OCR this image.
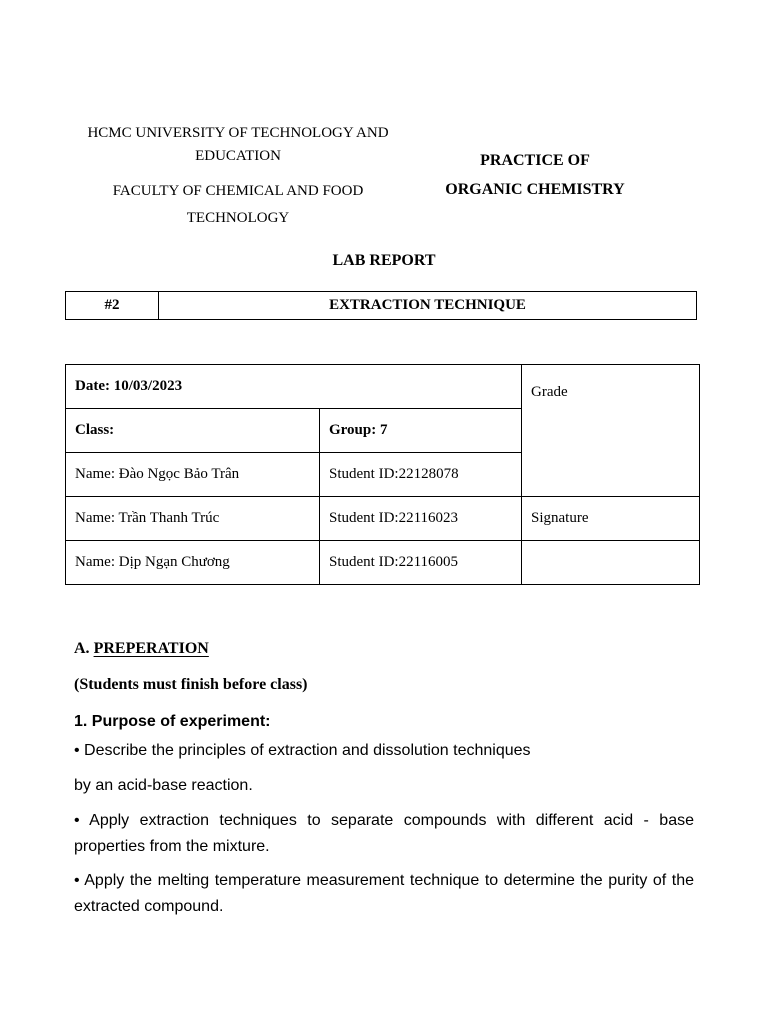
HCMC UNIVERSITY OF TECHNOLOGY AND EDUCATION
FACULTY OF CHEMICAL AND FOOD TECHNOLOGY
PRACTICE OF
ORGANIC CHEMISTRY
LAB REPORT
#2	EXTRACTION TECHNIQUE
Date: 10/03/2023		Grade
Class:	Group: 7	
Name: Đào Ngọc Bảo Trân	Student ID:22128078	
Name: Trần Thanh Trúc	Student ID:22116023	Signature
Name: Dịp Ngạn Chương	Student ID:22116005	
A. PREPERATION
(Students must finish before class)
1. Purpose of experiment:
• Describe the principles of extraction and dissolution techniques
by an acid-base reaction.
• Apply extraction techniques to separate compounds with different acid - base properties from the mixture.
• Apply the melting temperature measurement technique to determine the purity of the extracted compound.
